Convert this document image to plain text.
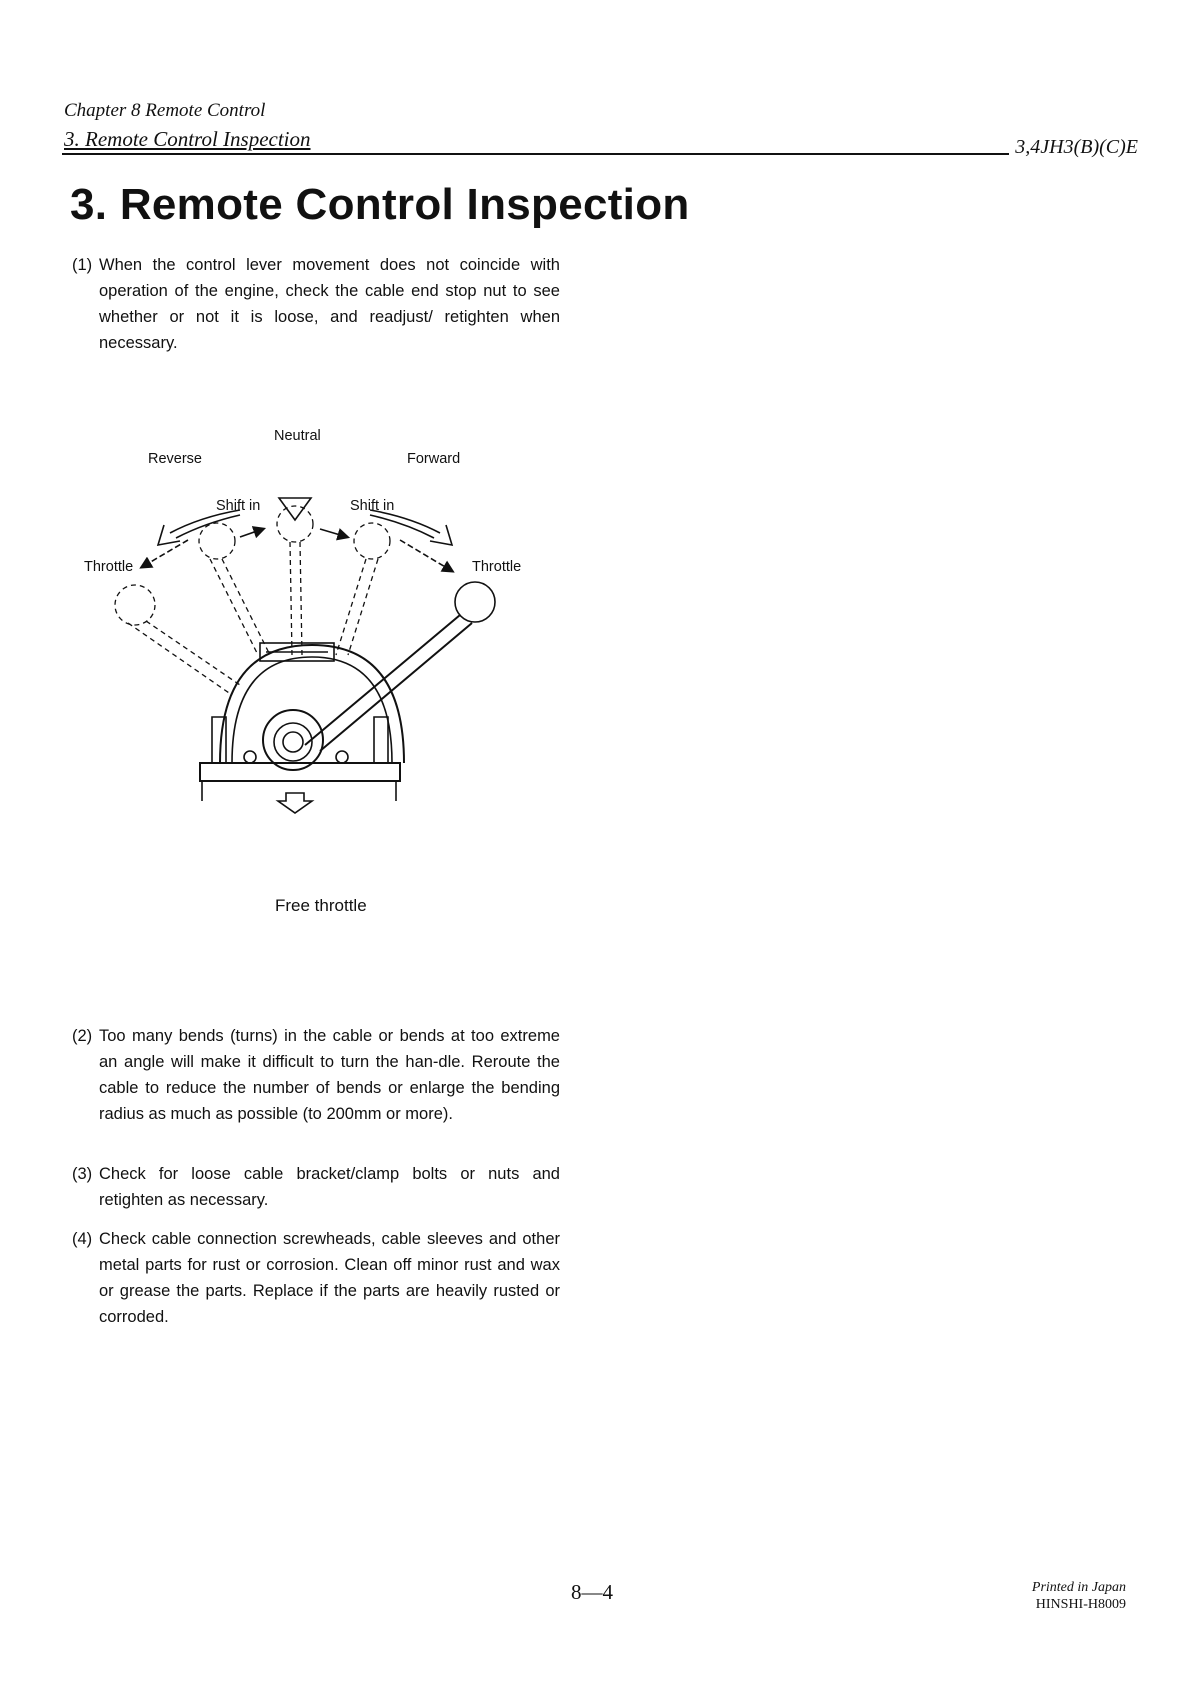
Chapter 8 Remote Control
3. Remote Control Inspection	3,4JH3(B)(C)E
3. Remote Control Inspection
(1) When the control lever movement does not coincide with operation of the engine, check the cable end stop nut to see whether or not it is loose, and readjust/ retighten when necessary.
Neutral
Reverse	Forward
Shift in	Shift in
Throttle	Throttle
Free throttle
(2) Too many bends (turns) in the cable or bends at too extreme an angle will make it difficult to turn the han-dle. Reroute the cable to reduce the number of bends or enlarge the bending radius as much as possible (to 200mm or more).
(3) Check for loose cable bracket/clamp bolts or nuts and retighten as necessary.
(4) Check cable connection screwheads, cable sleeves and other metal parts for rust or corrosion. Clean off minor rust and wax or grease the parts. Replace if the parts are heavily rusted or corroded.
8—4	Printed in Japan
HINSHI-H8009
